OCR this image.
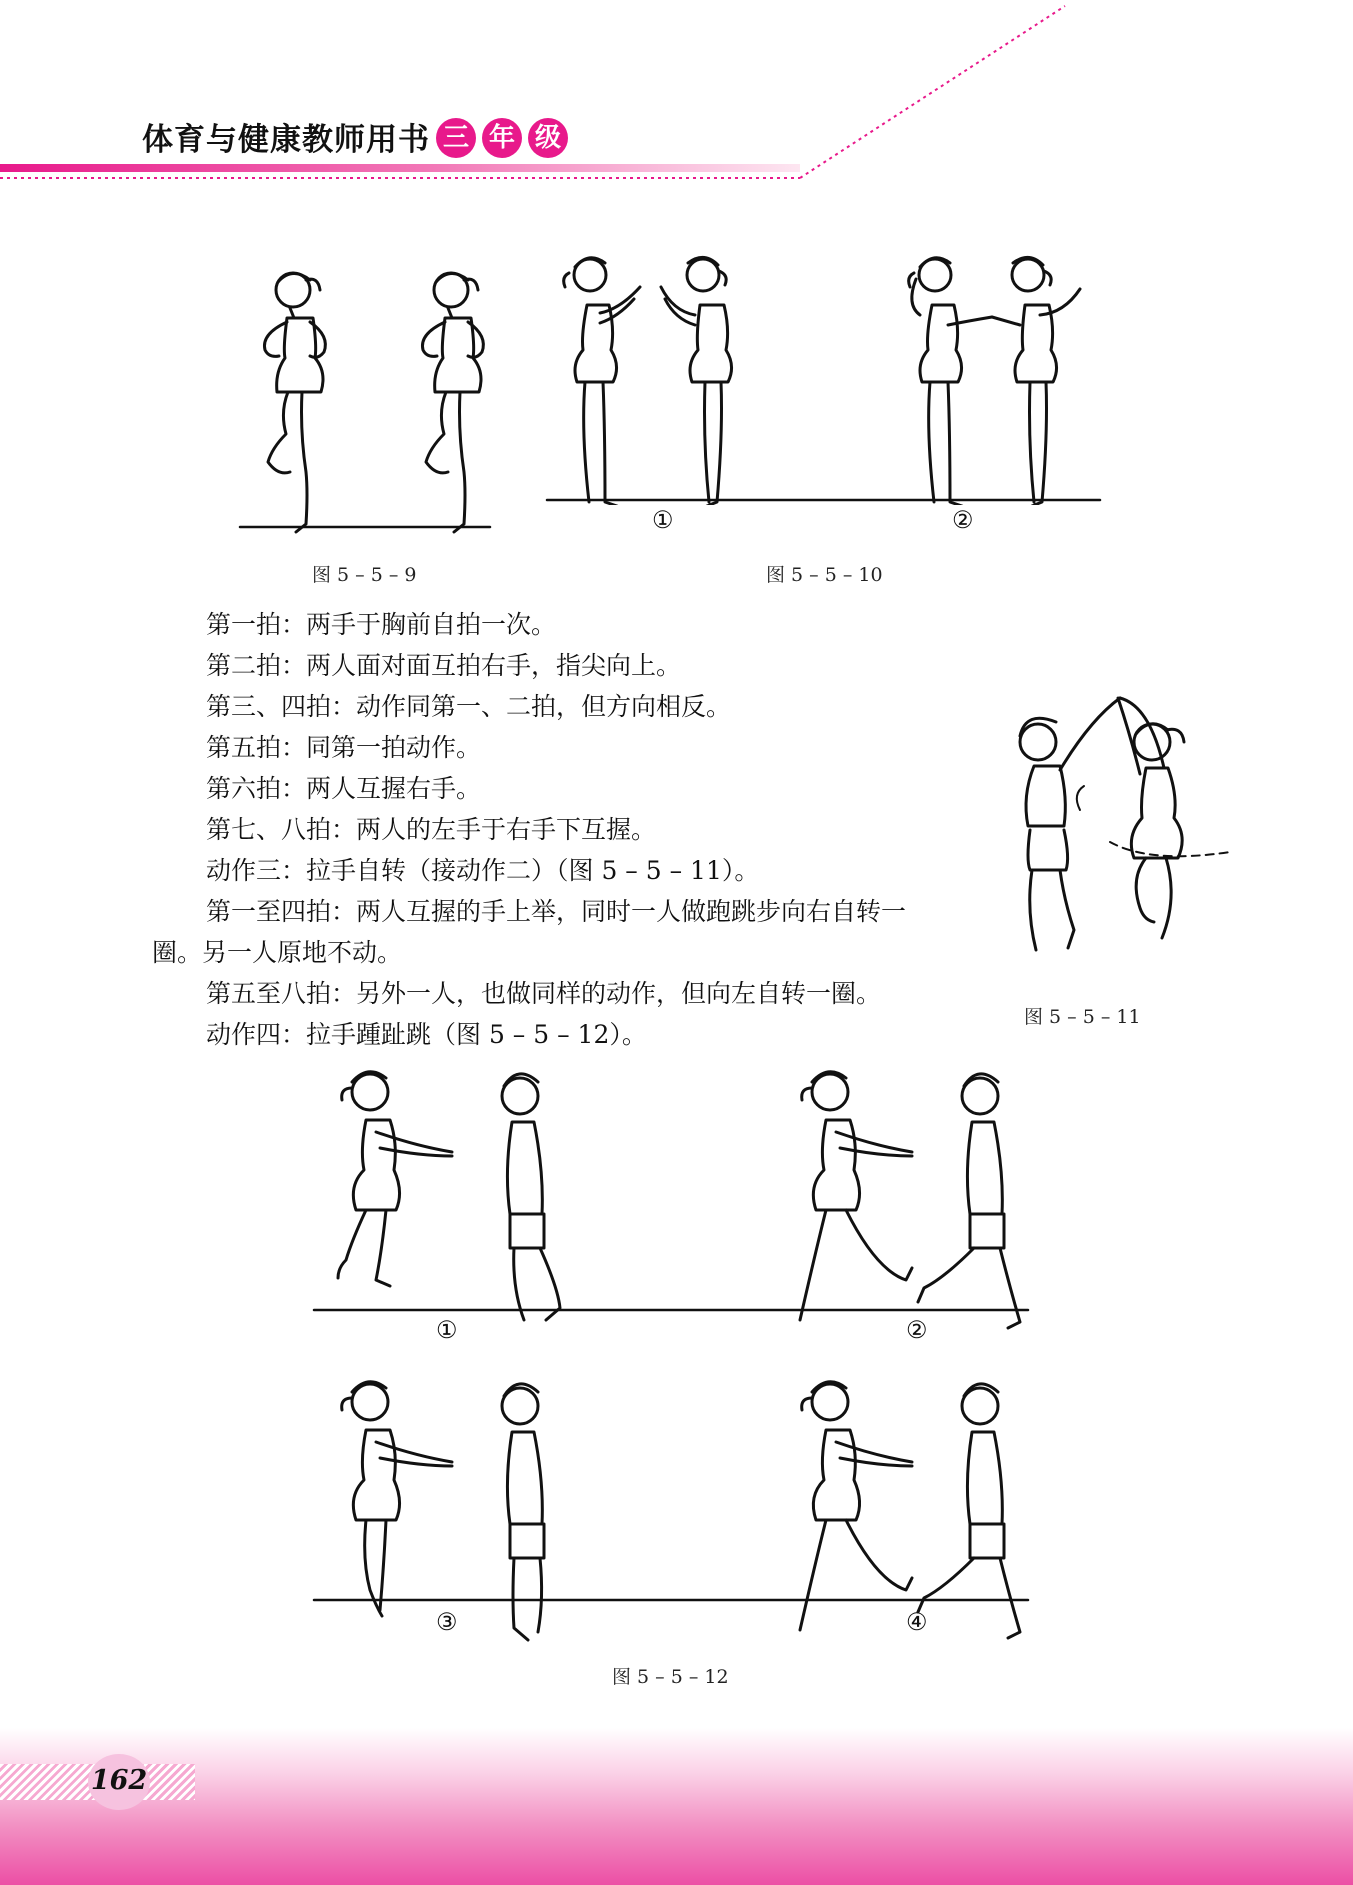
体育与健康教师用书 三 年 级
图 5 – 5 – 9
①	②
图 5 – 5 – 10
第一拍：两手于胸前自拍一次。
第二拍：两人面对面互拍右手，指尖向上。
第三、四拍：动作同第一、二拍，但方向相反。
第五拍：同第一拍动作。
第六拍：两人互握右手。
第七、八拍：两人的左手于右手下互握。
动作三：拉手自转（接动作二）（图 5 – 5 – 11）。
第一至四拍：两人互握的手上举，同时一人做跑跳步向右自转一
圈。另一人原地不动。
第五至八拍：另外一人，也做同样的动作，但向左自转一圈。
动作四：拉手踵趾跳（图 5 – 5 – 12）。
图 5 – 5 – 11
①	②
③	④
图 5 – 5 – 12
162
